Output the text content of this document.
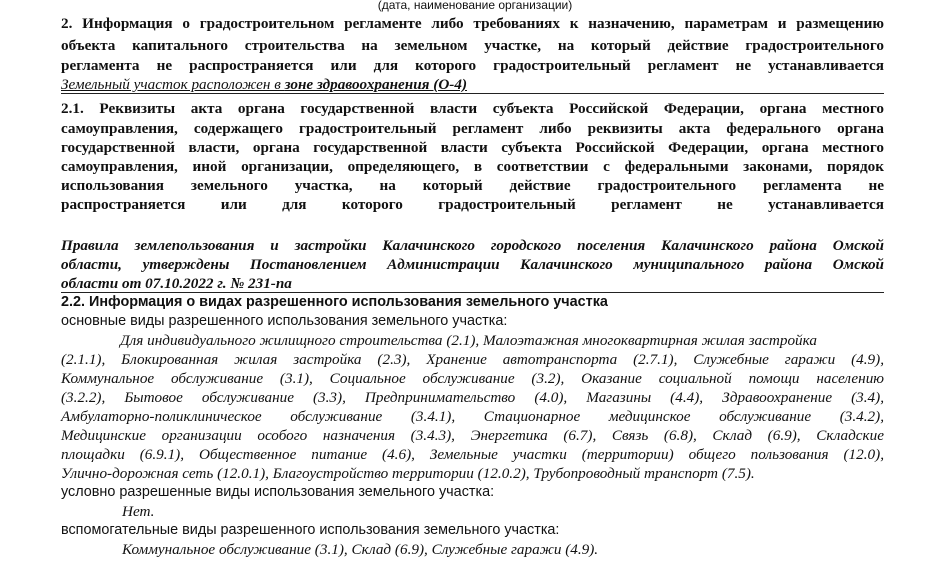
(дата, наименование организации)
2. Информация о градостроительном регламенте либо требованиях к назначению, параметрам и размещению
объекта капитального строительства на земельном участке, на который действие градостроительного
регламента не распространяется или для которого градостроительный регламент не устанавливается
Земельный участок расположен в зоне здравоохранения (О-4)
2.1. Реквизиты акта органа государственной власти субъекта Российской Федерации, органа местного
самоуправления, содержащего градостроительный регламент либо реквизиты акта федерального органа
государственной власти, органа государственной власти субъекта Российской Федерации, органа местного
самоуправления, иной организации, определяющего, в соответствии с федеральными законами, порядок
использования земельного участка, на который действие градостроительного регламента не
распространяется или для которого градостроительный регламент не устанавливается
Правила землепользования и застройки Калачинского городского поселения Калачинского района Омской
области, утверждены Постановлением Администрации Калачинского муниципального района Омской
области от 07.10.2022 г. № 231-па
2.2. Информация о видах разрешенного использования земельного участка
основные виды разрешенного использования земельного участка:
Для индивидуального жилищного строительства (2.1), Малоэтажная многоквартирная жилая застройка
(2.1.1), Блокированная жилая застройка (2.3), Хранение автотранспорта (2.7.1), Служебные гаражи (4.9),
Коммунальное обслуживание (3.1), Социальное обслуживание (3.2), Оказание социальной помощи населению
(3.2.2), Бытовое обслуживание (3.3), Предпринимательство (4.0), Магазины (4.4), Здравоохранение (3.4),
Амбулаторно-поликлиническое обслуживание (3.4.1), Стационарное медицинское обслуживание (3.4.2),
Медицинские организации особого назначения (3.4.3), Энергетика (6.7), Связь (6.8), Склад (6.9), Складские
площадки (6.9.1), Общественное питание (4.6), Земельные участки (территории) общего пользования (12.0),
Улично-дорожная сеть (12.0.1), Благоустройство территории (12.0.2), Трубопроводный транспорт (7.5).
условно разрешенные виды использования земельного участка:
Нет.
вспомогательные виды разрешенного использования земельного участка:
Коммунальное обслуживание (3.1), Склад (6.9), Служебные гаражи (4.9).
